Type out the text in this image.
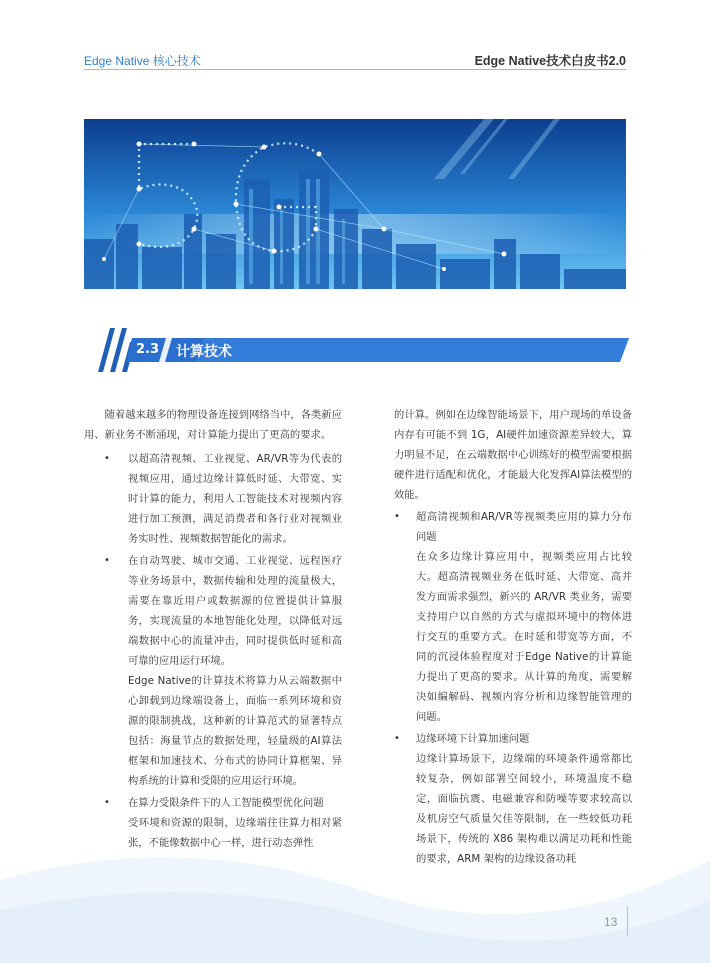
Edge Native 核心技术	Edge Native技术白皮书2.0
2.3 计算技术

随着越来越多的物理设备连接到网络当中，各类新应用、新业务不断涌现，对计算能力提出了更高的要求。

• 以超高清视频、工业视觉、AR/VR等为代表的视频应用，通过边缘计算低时延、大带宽、实时计算的能力，利用人工智能技术对视频内容进行加工预测，满足消费者和各行业对视频业务实时性、视频数据智能化的需求。

• 在自动驾驶、城市交通、工业视觉、远程医疗等业务场景中，数据传输和处理的流量极大，需要在靠近用户或数据源的位置提供计算服务，实现流量的本地智能化处理，以降低对远端数据中心的流量冲击，同时提供低时延和高可靠的应用运行环境。

Edge Native的计算技术将算力从云端数据中心卸载到边缘端设备上，面临一系列环境和资源的限制挑战，这种新的计算范式的显著特点包括：海量节点的数据处理，轻量级的AI算法框架和加速技术、分布式的协同计算框架、异构系统的计算和受限的应用运行环境。

• 在算力受限条件下的人工智能模型优化问题

受环境和资源的限制，边缘端往往算力相对紧张，不能像数据中心一样，进行动态弹性

的计算。例如在边缘智能场景下，用户现场的单设备内存有可能不到 1G，AI硬件加速资源差异较大，算力明显不足，在云端数据中心训练好的模型需要根据硬件进行适配和优化，才能最大化发挥AI算法模型的效能。

• 超高清视频和AR/VR等视频类应用的算力分布问题

在众多边缘计算应用中，视频类应用占比较大。超高清视频业务在低时延、大带宽、高并发方面需求强烈，新兴的 AR/VR 类业务，需要支持用户以自然的方式与虚拟环境中的物体进行交互的重要方式。在时延和带宽等方面，不同的沉浸体验程度对于Edge Native的计算能力提出了更高的要求。从计算的角度，需要解决如编解码、视频内容分析和边缘智能管理的问题。

• 边缘环境下计算加速问题

边缘计算场景下，边缘端的环境条件通常都比较复杂，例如部署空间较小，环境温度不稳定，面临抗震、电磁兼容和防噪等要求较高以及机房空气质量欠佳等限制，在一些较低功耗场景下，传统的 X86 架构难以满足功耗和性能的要求，ARM 架构的边缘设备功耗

13
